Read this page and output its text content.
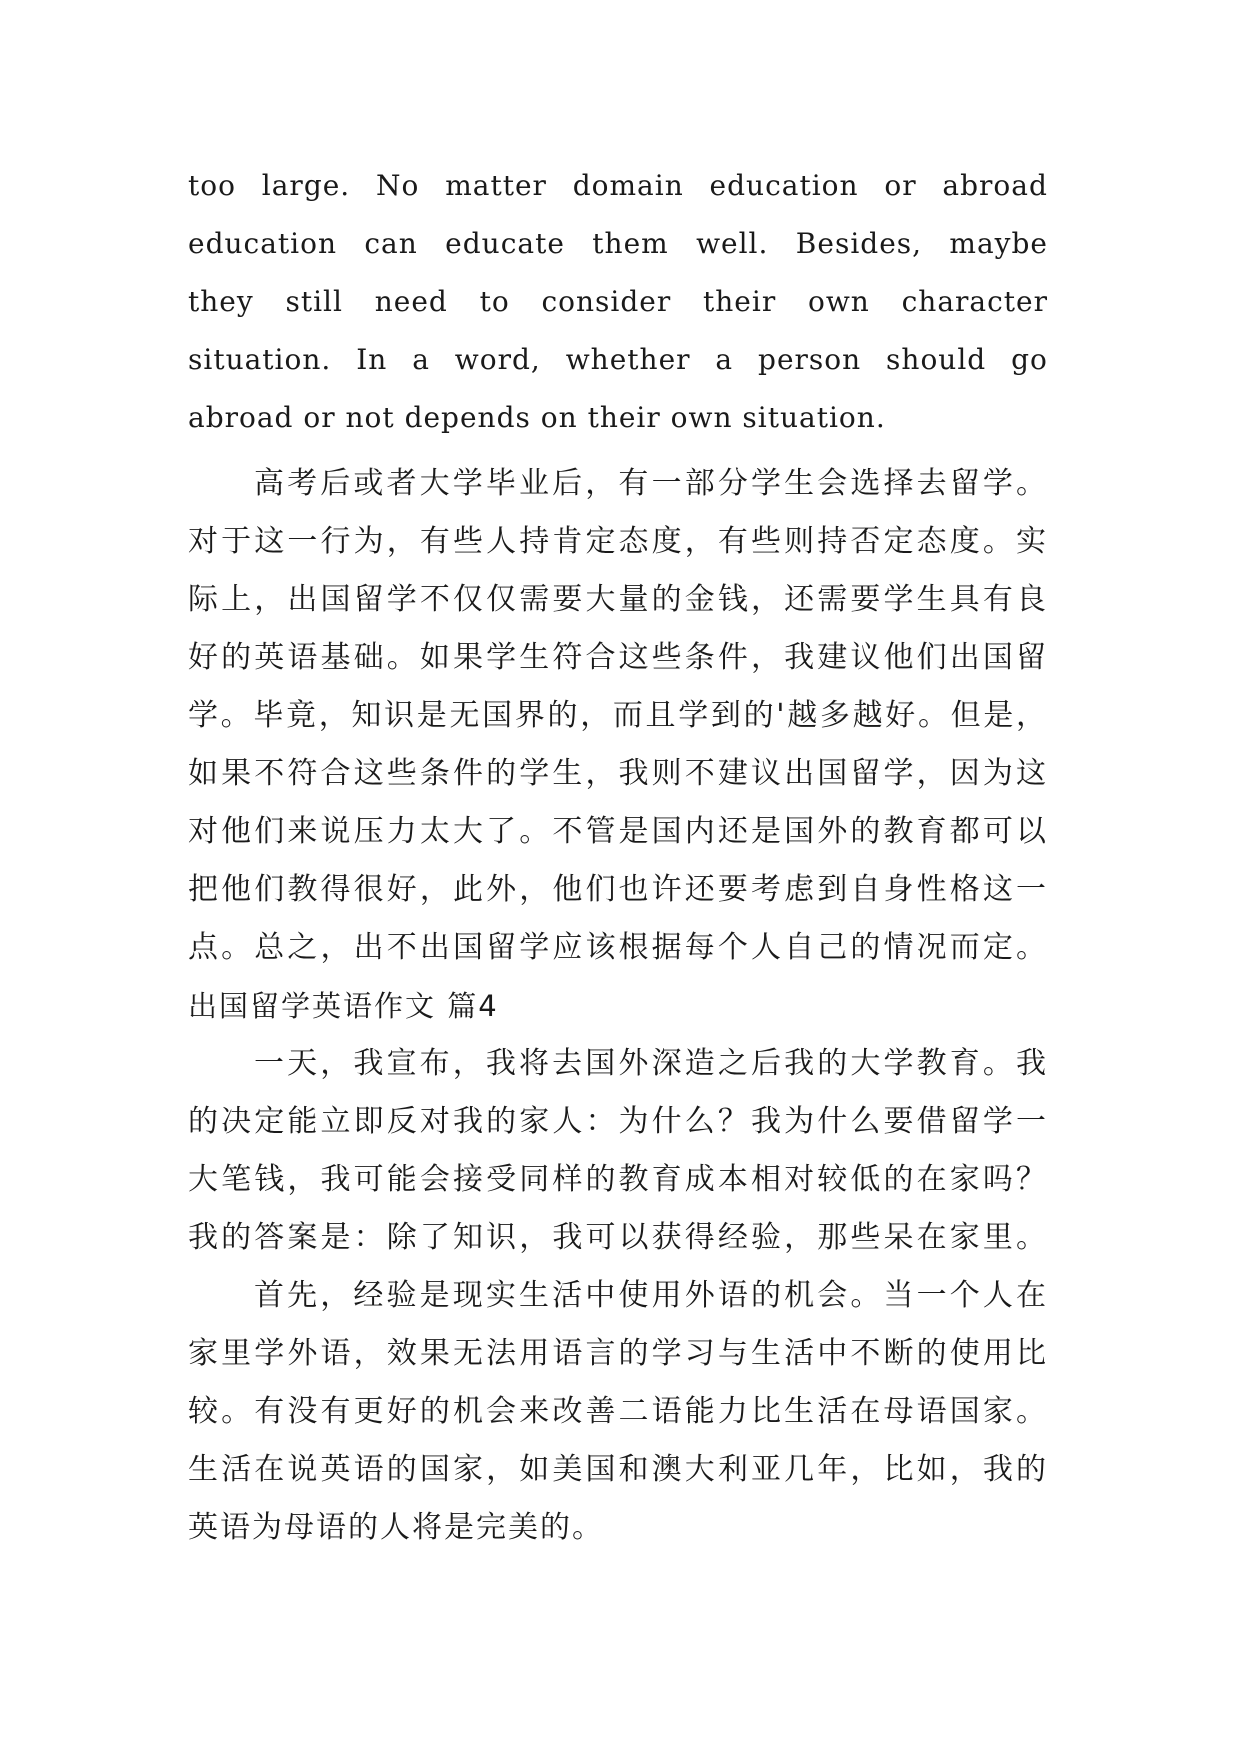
too large. No matter domain education or abroad
education can educate them well. Besides, maybe
they still need to consider their own character
situation. In a word, whether a person should go
abroad or not depends on their own situation.
高考后或者大学毕业后，有一部分学生会选择去留学。
对于这一行为，有些人持肯定态度，有些则持否定态度。实
际上，出国留学不仅仅需要大量的金钱，还需要学生具有良
好的英语基础。如果学生符合这些条件，我建议他们出国留
学。毕竟，知识是无国界的，而且学到的'越多越好。但是，
如果不符合这些条件的学生，我则不建议出国留学，因为这
对他们来说压力太大了。不管是国内还是国外的教育都可以
把他们教得很好，此外，他们也许还要考虑到自身性格这一
点。总之，出不出国留学应该根据每个人自己的情况而定。
出国留学英语作文 篇4
一天，我宣布，我将去国外深造之后我的大学教育。我
的决定能立即反对我的家人：为什么？我为什么要借留学一
大笔钱，我可能会接受同样的教育成本相对较低的在家吗？
我的答案是：除了知识，我可以获得经验，那些呆在家里。
首先，经验是现实生活中使用外语的机会。当一个人在
家里学外语，效果无法用语言的学习与生活中不断的使用比
较。有没有更好的机会来改善二语能力比生活在母语国家。
生活在说英语的国家，如美国和澳大利亚几年，比如，我的
英语为母语的人将是完美的。
